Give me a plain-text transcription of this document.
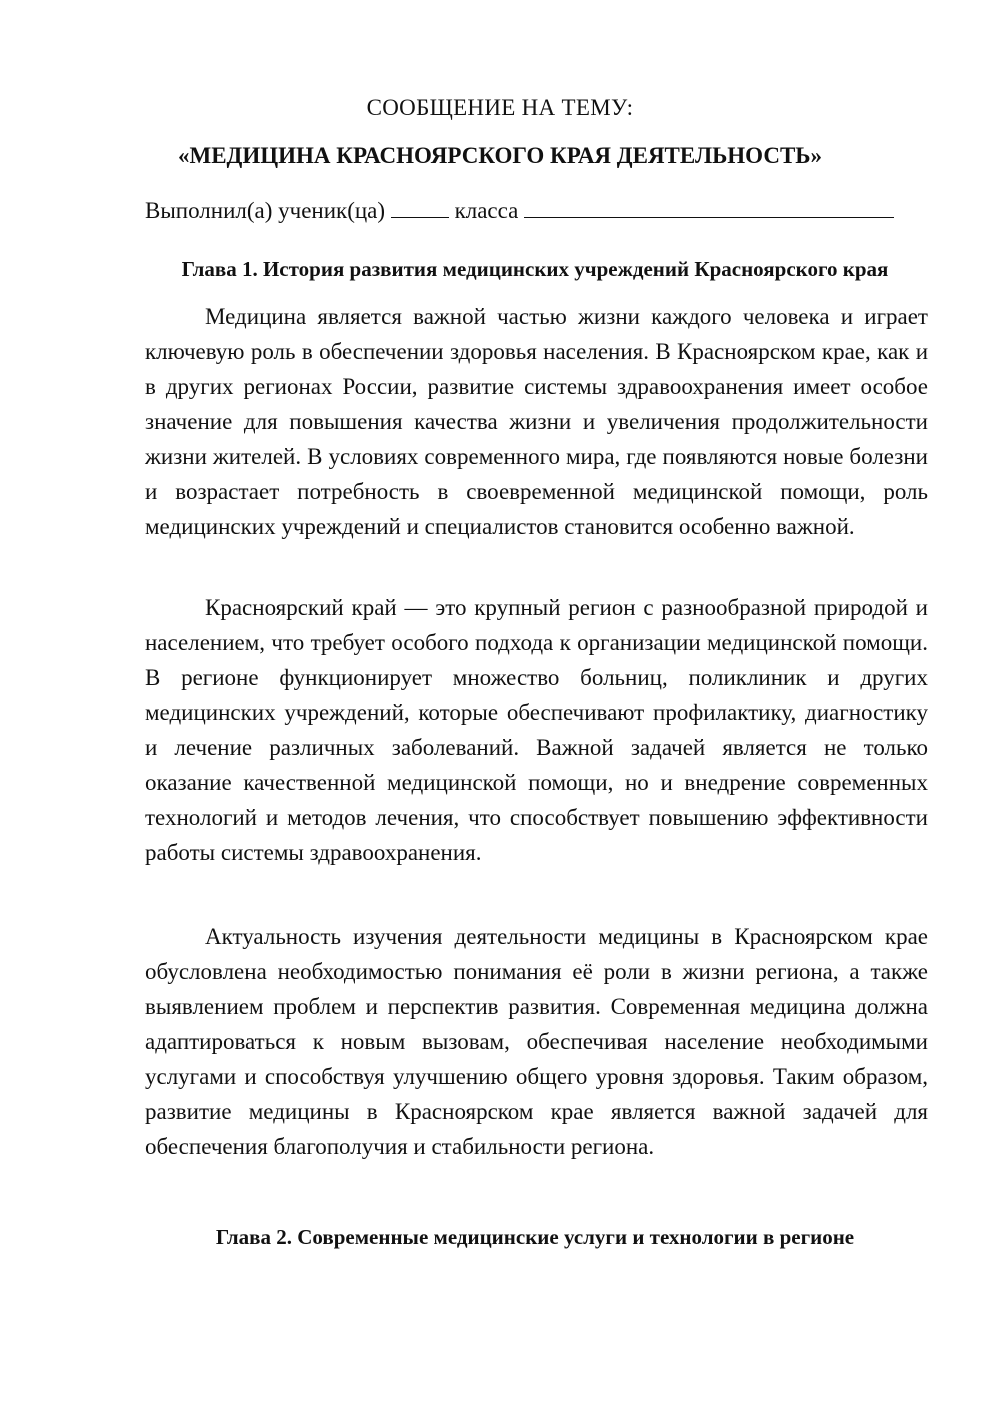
СООБЩЕНИЕ НА ТЕМУ:
«МЕДИЦИНА КРАСНОЯРСКОГО КРАЯ ДЕЯТЕЛЬНОСТЬ»
Выполнил(а) ученик(ца)	класса
Глава 1. История развития медицинских учреждений Красноярского края

Медицина является важной частью жизни каждого человека и играет ключевую роль в обеспечении здоровья населения. В Красноярском крае, как и в других регионах России, развитие системы здравоохранения имеет особое значение для повышения качества жизни и увеличения продолжительности жизни жителей. В условиях современного мира, где появляются новые болезни и возрастает потребность в своевременной медицинской помощи, роль медицинских учреждений и специалистов становится особенно важной.

Красноярский край — это крупный регион с разнообразной природой и населением, что требует особого подхода к организации медицинской помощи. В регионе функционирует множество больниц, поликлиник и других медицинских учреждений, которые обеспечивают профилактику, диагностику и лечение различных заболеваний. Важной задачей является не только оказание качественной медицинской помощи, но и внедрение современных технологий и методов лечения, что способствует повышению эффективности работы системы здравоохранения.

Актуальность изучения деятельности медицины в Красноярском крае обусловлена необходимостью понимания её роли в жизни региона, а также выявлением проблем и перспектив развития. Современная медицина должна адаптироваться к новым вызовам, обеспечивая население необходимыми услугами и способствуя улучшению общего уровня здоровья. Таким образом, развитие медицины в Красноярском крае является важной задачей для обеспечения благополучия и стабильности региона.

Глава 2. Современные медицинские услуги и технологии в регионе
